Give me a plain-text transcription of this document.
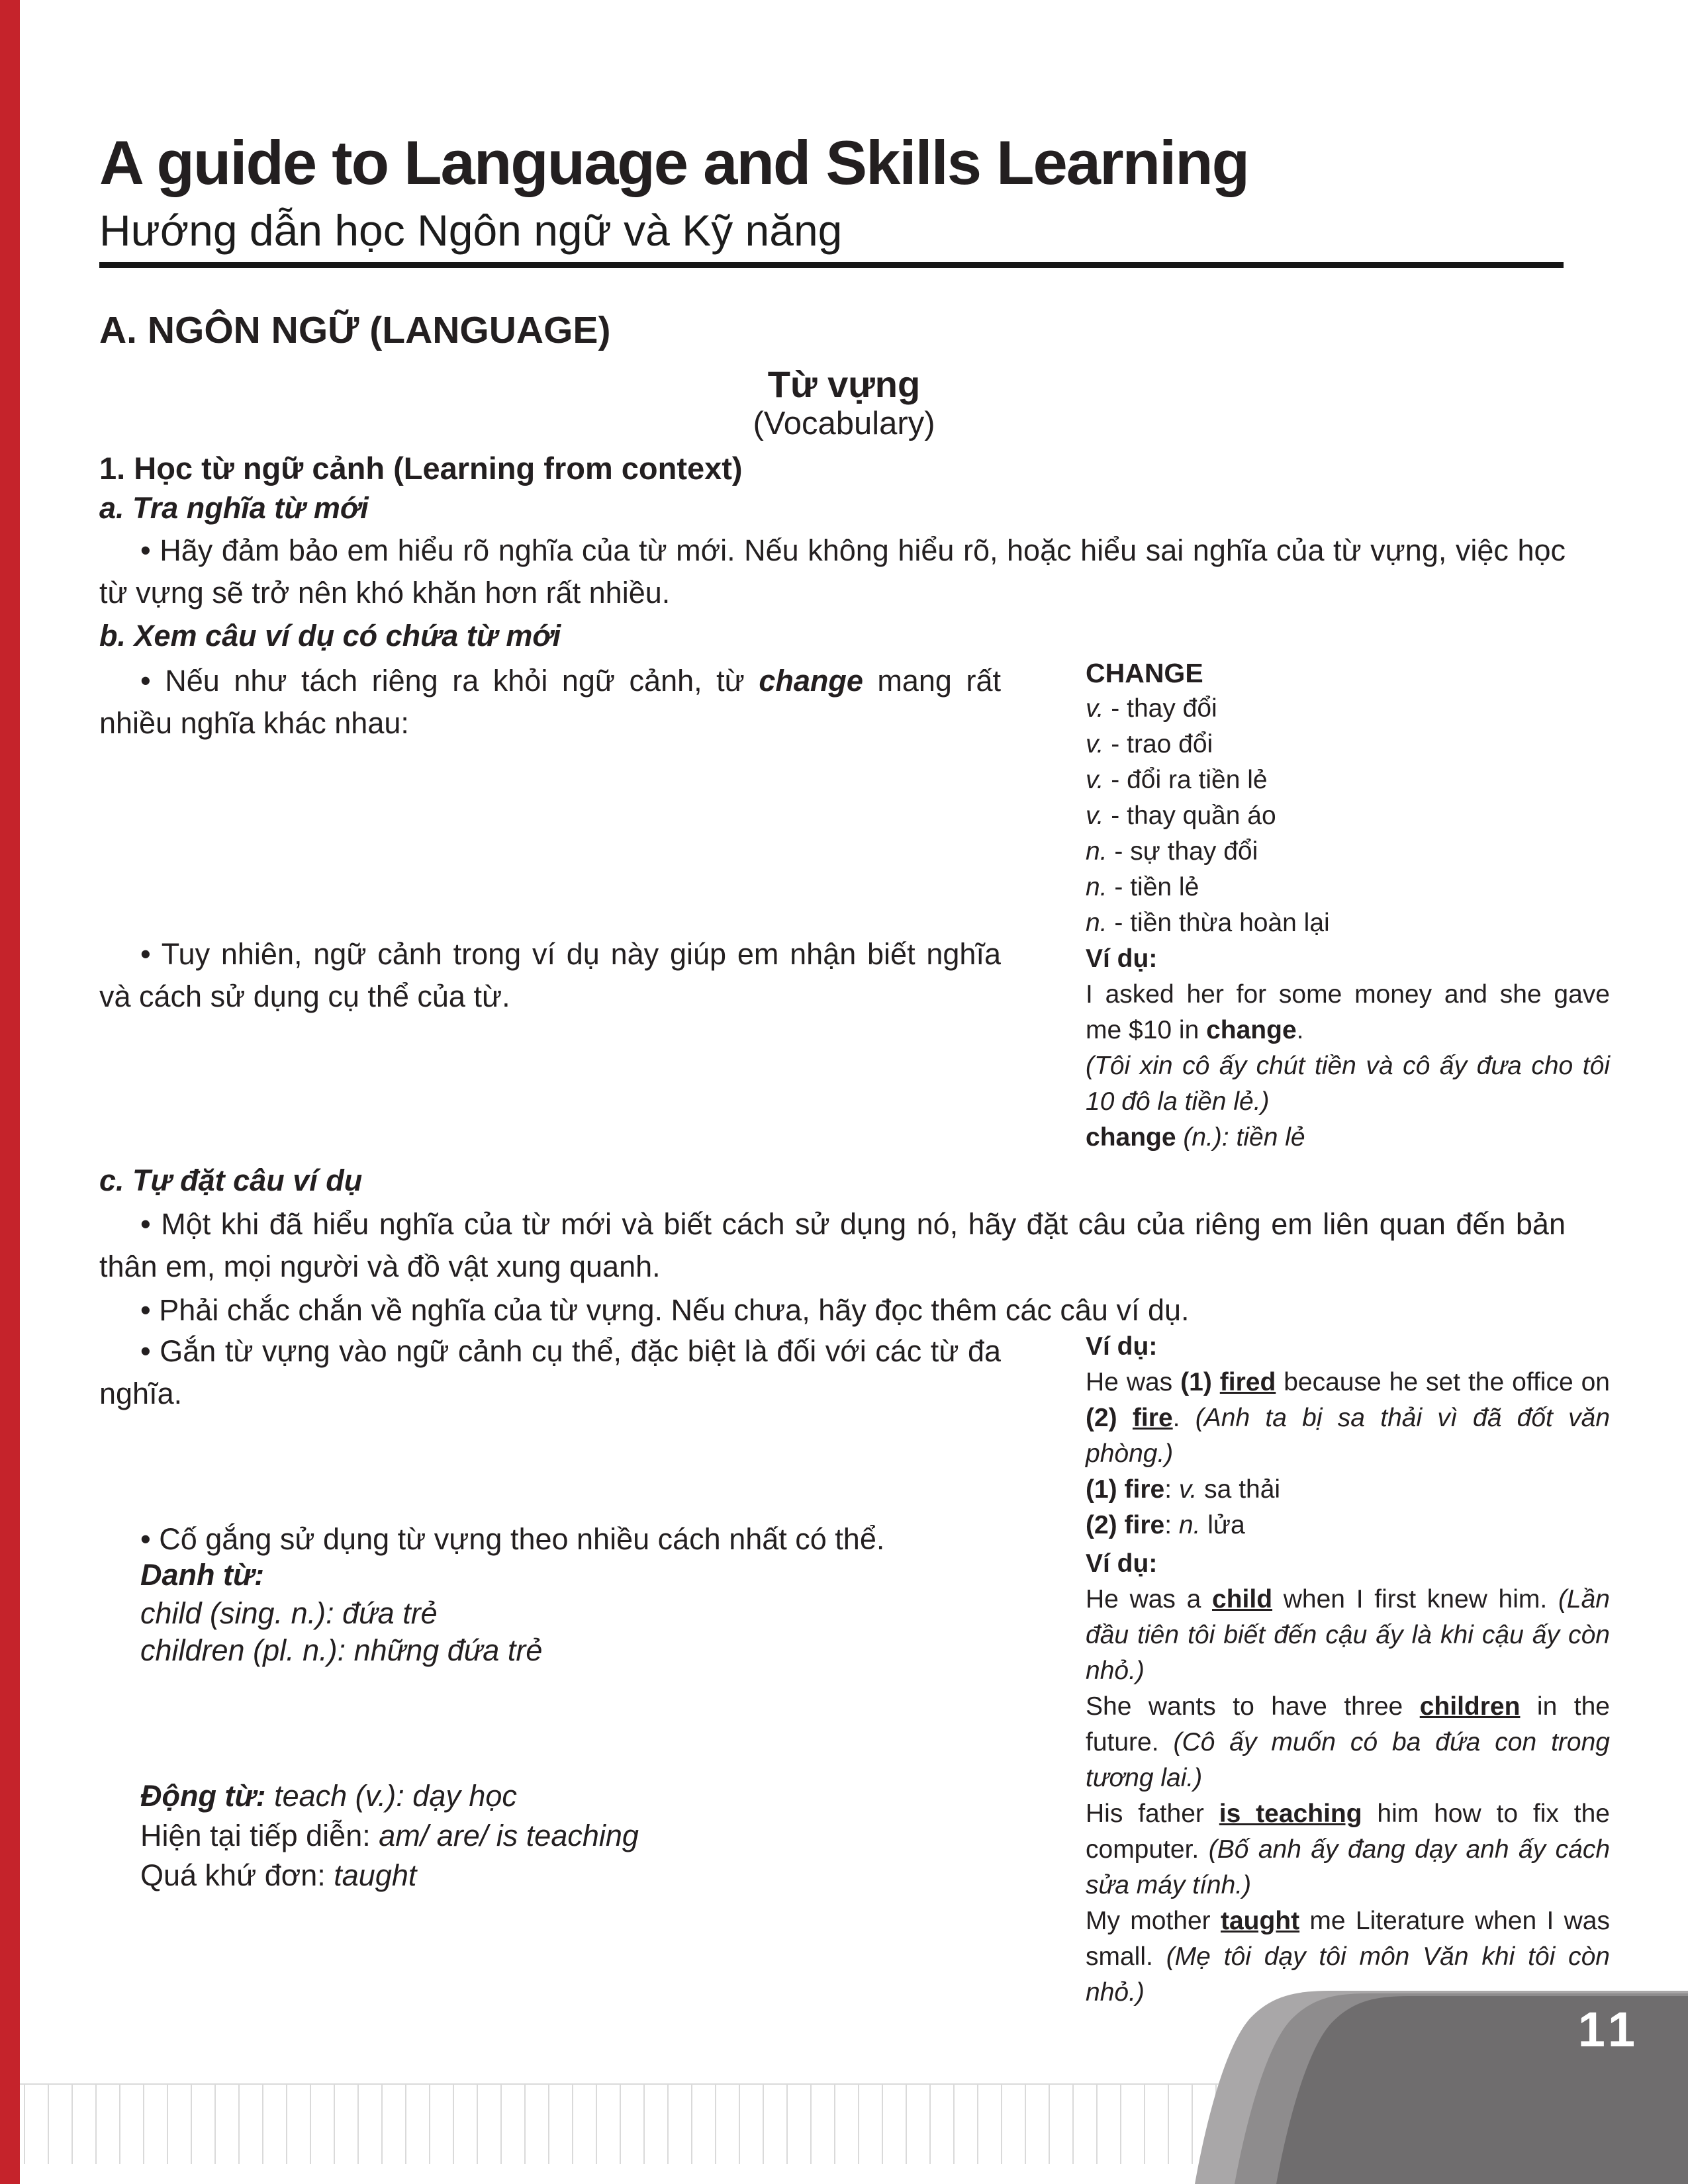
A guide to Language and Skills Learning
Hướng dẫn học Ngôn ngữ và Kỹ năng
A. NGÔN NGỮ (LANGUAGE)
Từ vựng
(Vocabulary)
1. Học từ ngữ cảnh (Learning from context)
a. Tra nghĩa từ mới

• Hãy đảm bảo em hiểu rõ nghĩa của từ mới. Nếu không hiểu rõ, hoặc hiểu sai nghĩa của từ vựng, việc học từ vựng sẽ trở nên khó khăn hơn rất nhiều.

b. Xem câu ví dụ có chứa từ mới

• Nếu như tách riêng ra khỏi ngữ cảnh, từ change mang rất nhiều nghĩa khác nhau:

• Tuy nhiên, ngữ cảnh trong ví dụ này giúp em nhận biết nghĩa và cách sử dụng cụ thể của từ.

CHANGE
v. - thay đổi
v. - trao đổi
v. - đổi ra tiền lẻ
v. - thay quần áo
n. - sự thay đổi
n. - tiền lẻ
n. - tiền thừa hoàn lại
Ví dụ:

I asked her for some money and she gave me $10 in change.

(Tôi xin cô ấy chút tiền và cô ấy đưa cho tôi 10 đô la tiền lẻ.)

change (n.): tiền lẻ

c. Tự đặt câu ví dụ

• Một khi đã hiểu nghĩa của từ mới và biết cách sử dụng nó, hãy đặt câu của riêng em liên quan đến bản thân em, mọi người và đồ vật xung quanh.

• Phải chắc chắn về nghĩa của từ vựng. Nếu chưa, hãy đọc thêm các câu ví dụ.

• Gắn từ vựng vào ngữ cảnh cụ thể, đặc biệt là đối với các từ đa nghĩa.

• Cố gắng sử dụng từ vựng theo nhiều cách nhất có thể.

Danh từ:
child (sing. n.): đứa trẻ
children (pl. n.): những đứa trẻ
Động từ: teach (v.): dạy học
Hiện tại tiếp diễn: am/ are/ is teaching
Quá khứ đơn: taught
Ví dụ:

He was (1) fired because he set the office on (2) fire. (Anh ta bị sa thải vì đã đốt văn phòng.)

(1) fire: v. sa thải
(2) fire: n. lửa
Ví dụ:

He was a child when I first knew him. (Lần đầu tiên tôi biết đến cậu ấy là khi cậu ấy còn nhỏ.)

She wants to have three children in the future. (Cô ấy muốn có ba đứa con trong tương lai.)

His father is teaching him how to fix the computer. (Bố anh ấy đang dạy anh ấy cách sửa máy tính.)

My mother taught me Literature when I was small. (Mẹ tôi dạy tôi môn Văn khi tôi còn nhỏ.)

11
